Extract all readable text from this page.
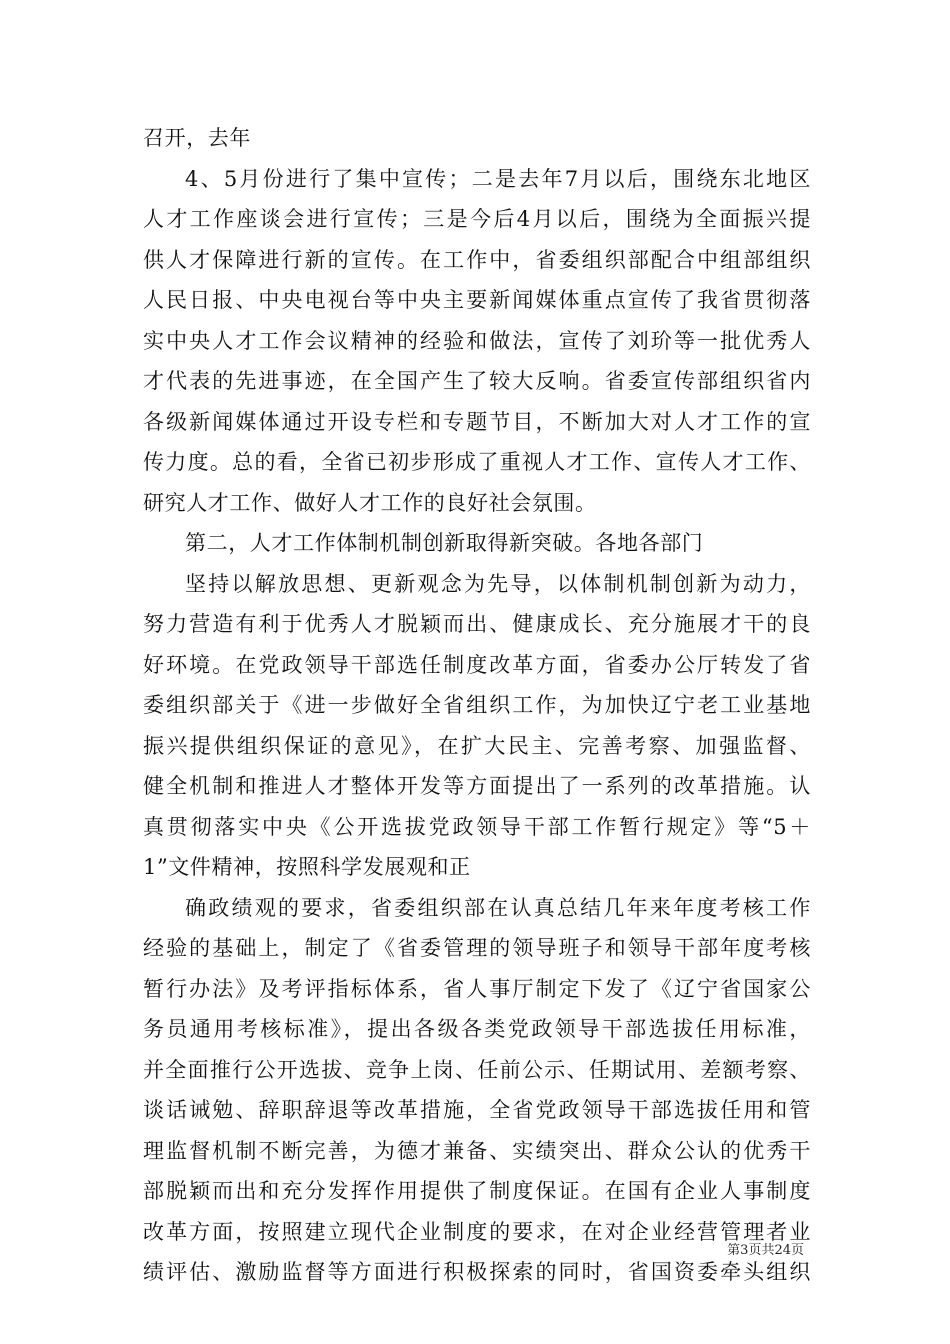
召开，去年
4、5月份进行了集中宣传；二是去年7月以后，围绕东北地区
人才工作座谈会进行宣传；三是今后4月以后，围绕为全面振兴提
供人才保障进行新的宣传。在工作中，省委组织部配合中组部组织
人民日报、中央电视台等中央主要新闻媒体重点宣传了我省贯彻落
实中央人才工作会议精神的经验和做法，宣传了刘玠等一批优秀人
才代表的先进事迹，在全国产生了较大反响。省委宣传部组织省内
各级新闻媒体通过开设专栏和专题节目，不断加大对人才工作的宣
传力度。总的看，全省已初步形成了重视人才工作、宣传人才工作、
研究人才工作、做好人才工作的良好社会氛围。
第二，人才工作体制机制创新取得新突破。各地各部门
坚持以解放思想、更新观念为先导，以体制机制创新为动力，
努力营造有利于优秀人才脱颖而出、健康成长、充分施展才干的良
好环境。在党政领导干部选任制度改革方面，省委办公厅转发了省
委组织部关于《进一步做好全省组织工作，为加快辽宁老工业基地
振兴提供组织保证的意见》，在扩大民主、完善考察、加强监督、
健全机制和推进人才整体开发等方面提出了一系列的改革措施。认
真贯彻落实中央《公开选拔党政领导干部工作暂行规定》等“5＋
1”文件精神，按照科学发展观和正
确政绩观的要求，省委组织部在认真总结几年来年度考核工作
经验的基础上，制定了《省委管理的领导班子和领导干部年度考核
暂行办法》及考评指标体系，省人事厅制定下发了《辽宁省国家公
务员通用考核标准》，提出各级各类党政领导干部选拔任用标准，
并全面推行公开选拔、竞争上岗、任前公示、任期试用、差额考察、
谈话诫勉、辞职辞退等改革措施，全省党政领导干部选拔任用和管
理监督机制不断完善，为德才兼备、实绩突出、群众公认的优秀干
部脱颖而出和充分发挥作用提供了制度保证。在国有企业人事制度
改革方面，按照建立现代企业制度的要求，在对企业经营管理者业
绩评估、激励监督等方面进行积极探索的同时，省国资委牵头组织
第3页共24页
